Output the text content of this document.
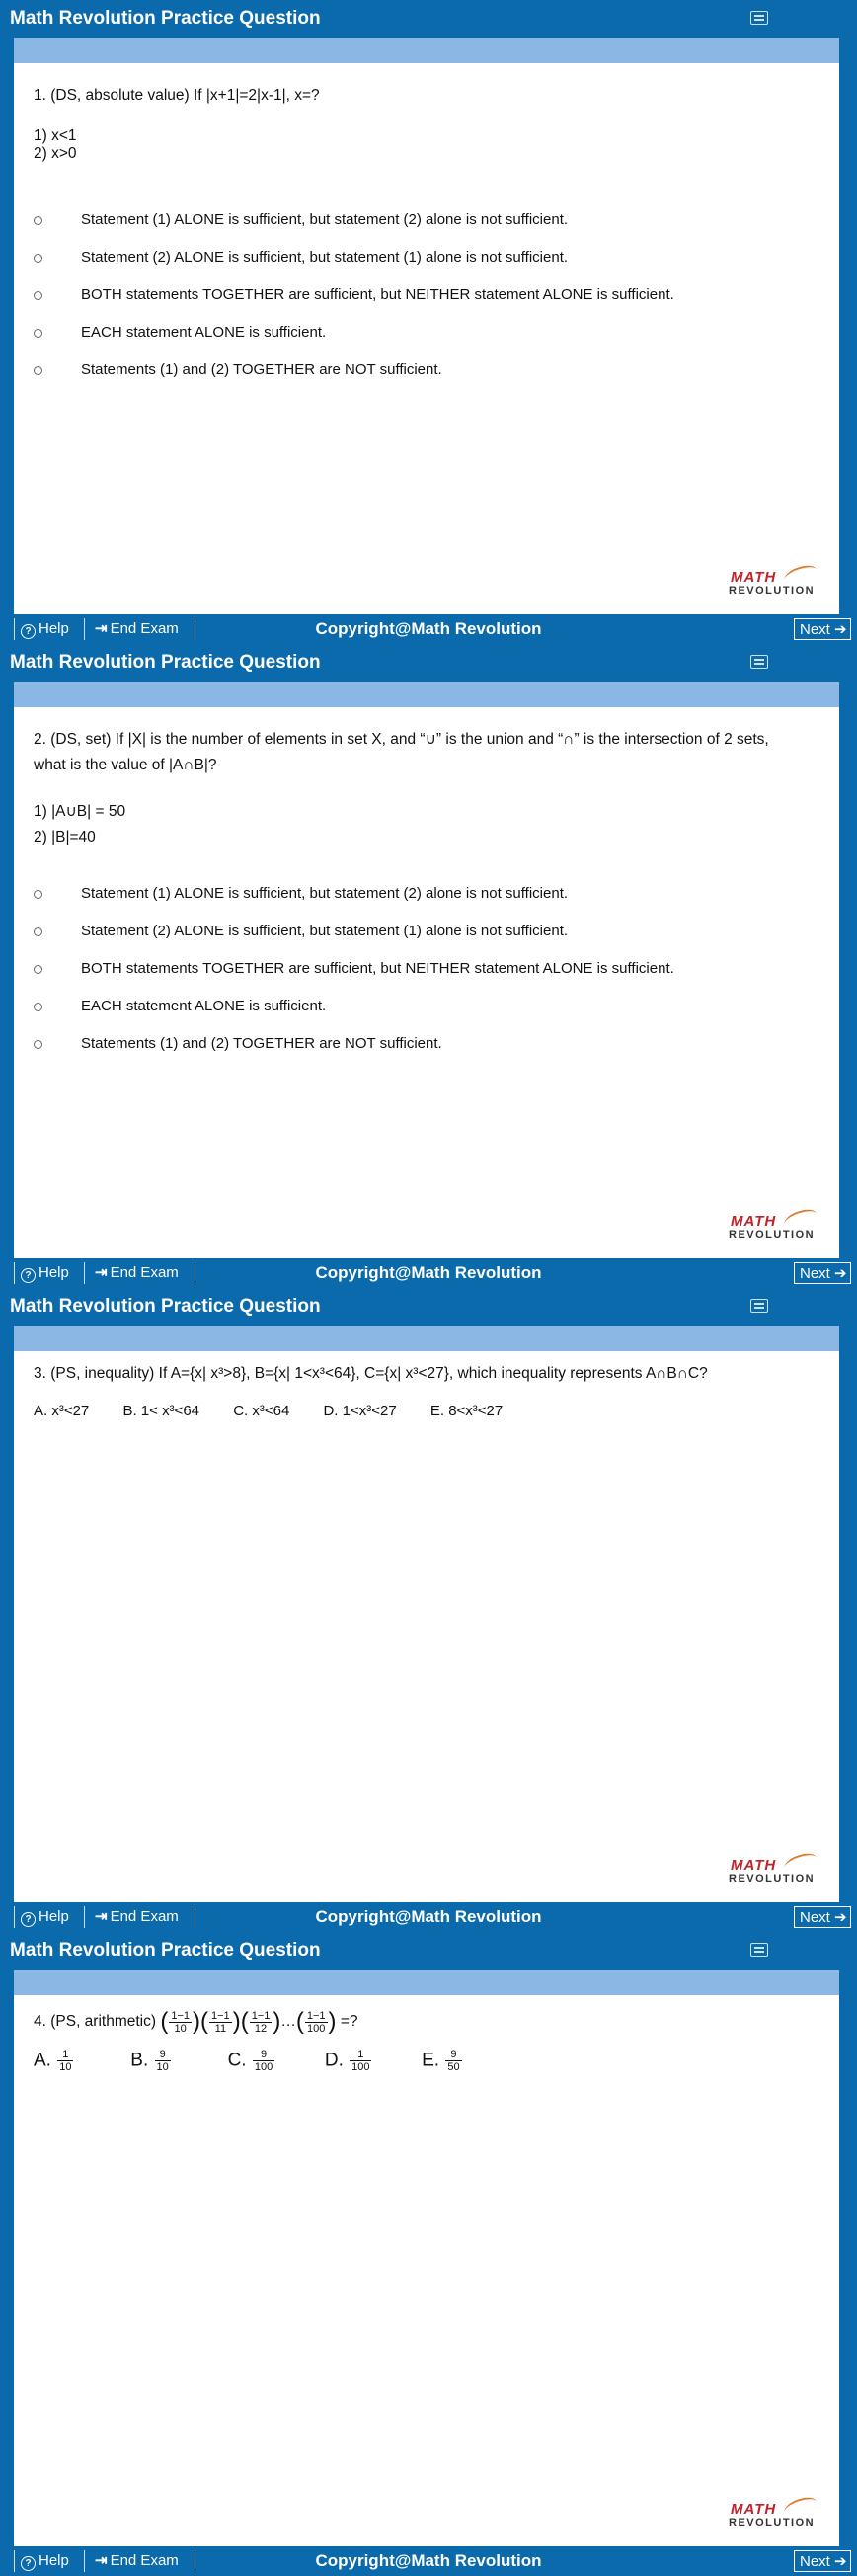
Math Revolution Practice Question
1. (DS, absolute value) If |x+1|=2|x-1|, x=?
1) x<1
2) x>0
Statement (1) ALONE is sufficient, but statement (2) alone is not sufficient.
Statement (2) ALONE is sufficient, but statement (1) alone is not sufficient.
BOTH statements TOGETHER are sufficient, but NEITHER statement ALONE is sufficient.
EACH statement ALONE is sufficient.
Statements (1) and (2) TOGETHER are NOT sufficient.
MATH
REVOLUTION
? Help	⇥ End Exam	Copyright@Math Revolution	Next ➔
Math Revolution Practice Question
2. (DS, set) If |X| is the number of elements in set X, and “∪” is the union and “∩” is the intersection of 2 sets,
what is the value of |A∩B|?
1) |A∪B| = 50
2) |B|=40
Statement (1) ALONE is sufficient, but statement (2) alone is not sufficient.
Statement (2) ALONE is sufficient, but statement (1) alone is not sufficient.
BOTH statements TOGETHER are sufficient, but NEITHER statement ALONE is sufficient.
EACH statement ALONE is sufficient.
Statements (1) and (2) TOGETHER are NOT sufficient.
MATH
REVOLUTION
? Help	⇥ End Exam	Copyright@Math Revolution	Next ➔
Math Revolution Practice Question
3. (PS, inequality) If A={x| x³>8}, B={x| 1<x³<64}, C={x| x³<27}, which inequality represents A∩B∩C?
A. x³<27 B. 1< x³<64 C. x³<64 D. 1<x³<27 E. 8<x³<27
MATH
REVOLUTION
? Help	⇥ End Exam	Copyright@Math Revolution	Next ➔
Math Revolution Practice Question
4. (PS, arithmetic) ( $\frac{1-1}{10}$ )( $\frac{1-1}{11}$ )( $\frac{1-1}{12}$ )…( $\frac{1-1}{100}$ ) =?
A. $\frac{1}{10}$	B. $\frac{9}{10}$	C. $\frac{9}{100}$	D. $\frac{1}{100}$	E. $\frac{9}{50}$
MATH
REVOLUTION
? Help	⇥ End Exam	Copyright@Math Revolution	Next ➔
